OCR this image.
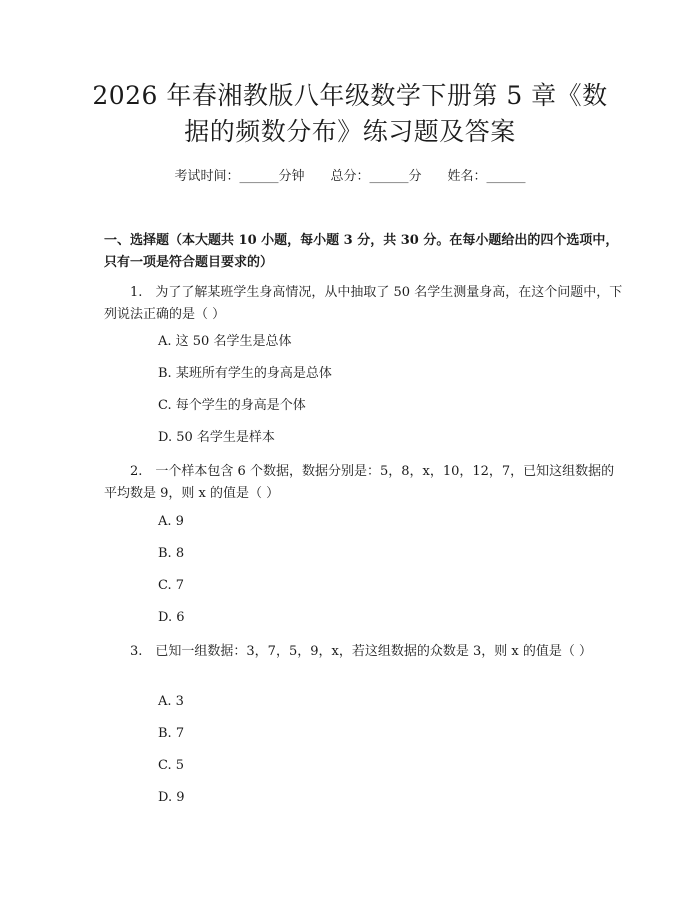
2026 年春湘教版八年级数学下册第 5 章《数
据的频数分布》练习题及答案
考试时间：______分钟 总分：______分 姓名：______
一、选择题（本大题共 10 小题，每小题 3 分，共 30 分。在每小题给出的四个选项中，只有一项是符合题目要求的）
1.　为了了解某班学生身高情况，从中抽取了 50 名学生测量身高，在这个问题中，下列说法正确的是（ ）
A. 这 50 名学生是总体
B. 某班所有学生的身高是总体
C. 每个学生的身高是个体
D. 50 名学生是样本
2.　一个样本包含 6 个数据，数据分别是：5，8，x，10，12，7，已知这组数据的平均数是 9，则 x 的值是（ ）
A. 9
B. 8
C. 7
D. 6
3.　已知一组数据：3，7，5，9，x，若这组数据的众数是 3，则 x 的值是（ ）
A. 3
B. 7
C. 5
D. 9
